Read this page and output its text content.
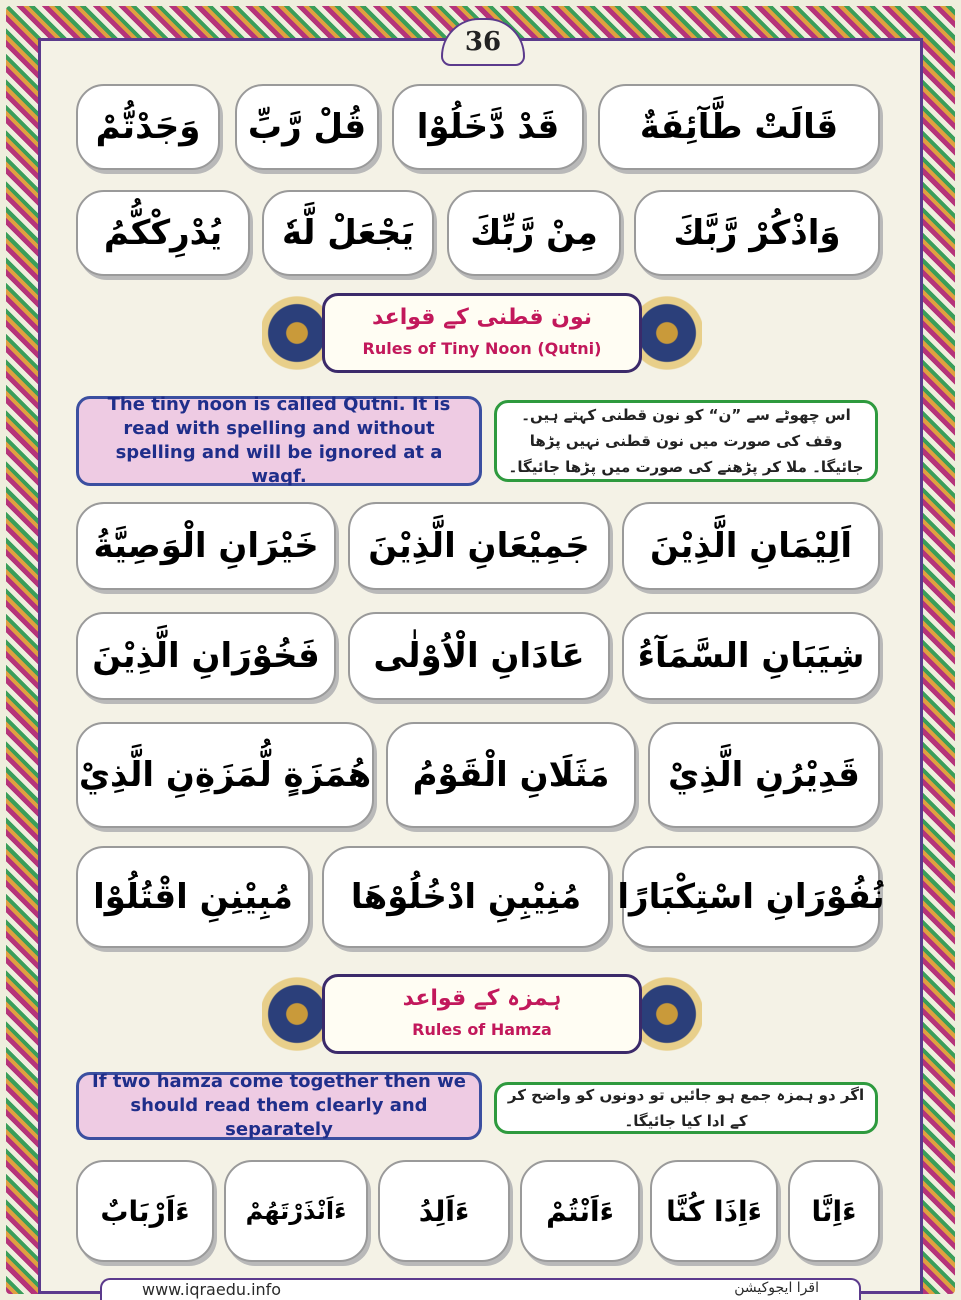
36
قَالَتْ طَّآئِفَةٌ
قَدْ دَّخَلُوْا
قُلْ رَّبِّ
وَجَدْتُّمْ
وَاذْكُرْ رَّبَّكَ
مِنْ رَّبِّكَ
يَجْعَلْ لَّهٗ
يُدْرِكْكُّمُ
نون قطنی کے قواعد
Rules of Tiny Noon (Qutni)
The tiny noon is called Qutni. It is read with spelling and without spelling and will be ignored at a waqf.
اس چھوٹے سے ”ن“ کو نون قطنی کہتے ہیں۔ وقف کی صورت میں نون قطنی نہیں پڑھا جائیگا۔ ملا کر پڑھنے کی صورت میں پڑھا جائیگا۔
اَلِيْمَانِ الَّذِيْنَ
جَمِيْعَانِ الَّذِيْنَ
خَيْرَانِ الْوَصِيَّةُ
شِيَبَانِ السَّمَآءُ
عَادَانِ الْاُوْلٰى
فَخُوْرَانِ الَّذِيْنَ
قَدِيْرُنِ الَّذِيْ
مَثَلَانِ الْقَوْمُ
هُمَزَةٍ لُّمَزَةِنِ الَّذِيْ
نُفُوْرَانِ اسْتِكْبَارًا
مُنِيْبِنِ ادْخُلُوْهَا
مُبِيْنِنِ اقْتُلُوْا
ہمزہ کے قواعد
Rules of Hamza
If two hamza come together then we should read them clearly and separately
اگر دو ہمزہ جمع ہو جائیں تو دونوں کو واضح کر کے ادا کیا جائیگا۔
ءَاِنَّا
ءَاِذَا كُنَّا
ءَاَنْتُمْ
ءَاَلِدُ
ءَاَنْذَرْتَهُمْ
ءَاَرْبَابٌ
www.iqraedu.info	اقرا ایجوکیشن
